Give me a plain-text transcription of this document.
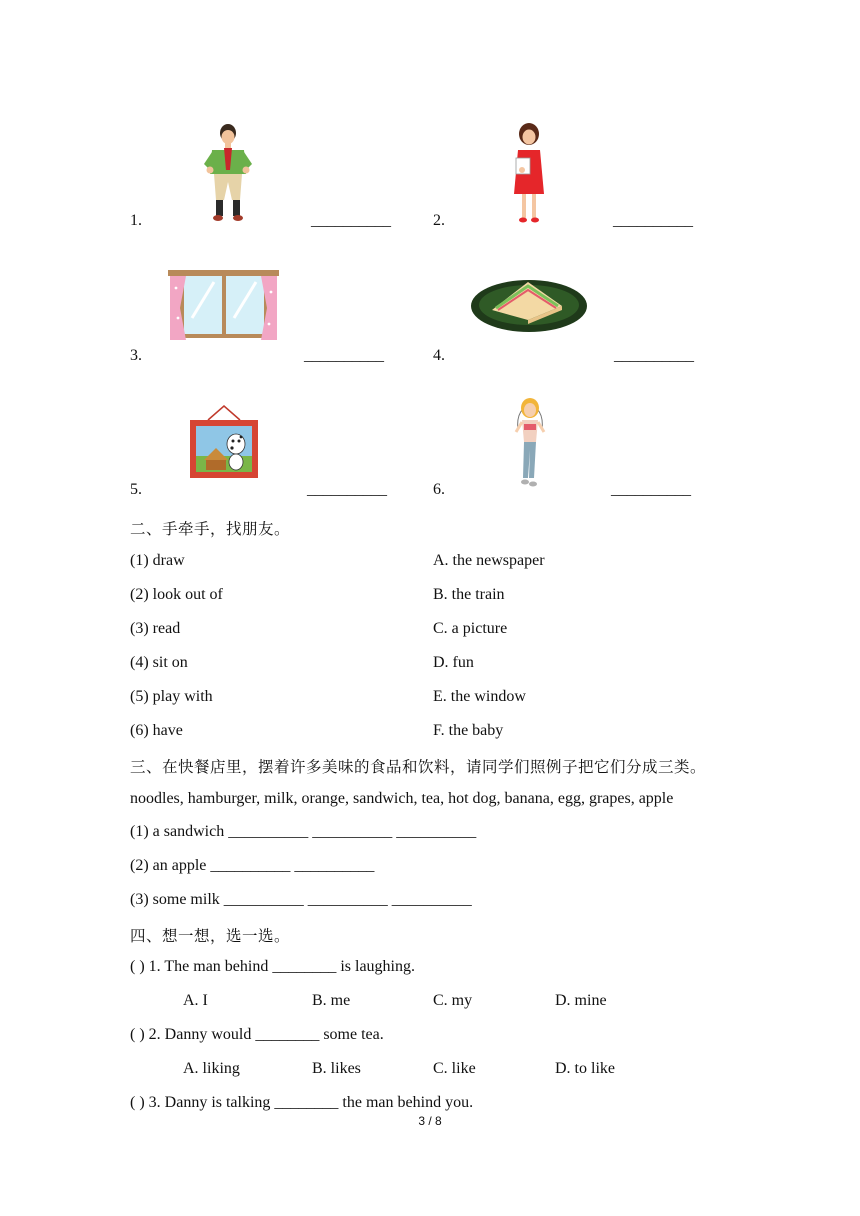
1.	__________	2.	__________
3.	__________	4.	__________
5.	__________	6.	__________
二、手牵手，找朋友。
(1) draw	A. the newspaper
(2) look out of	B. the train
(3) read	C. a picture
(4) sit on	D. fun
(5) play with	E. the window
(6) have	F. the baby
三、在快餐店里，摆着许多美味的食品和饮料，请同学们照例子把它们分成三类。
noodles, hamburger, milk, orange, sandwich, tea, hot dog, banana, egg, grapes, apple
(1) a sandwich __________ __________ __________
(2) an apple __________ __________
(3) some milk __________ __________ __________
四、想一想，选一选。
( ) 1. The man behind ________ is laughing.
A. I	B. me	C. my	D. mine
( ) 2. Danny would ________ some tea.
A. liking	B. likes	C. like	D. to like
( ) 3. Danny is talking ________ the man behind you.
3 / 8
